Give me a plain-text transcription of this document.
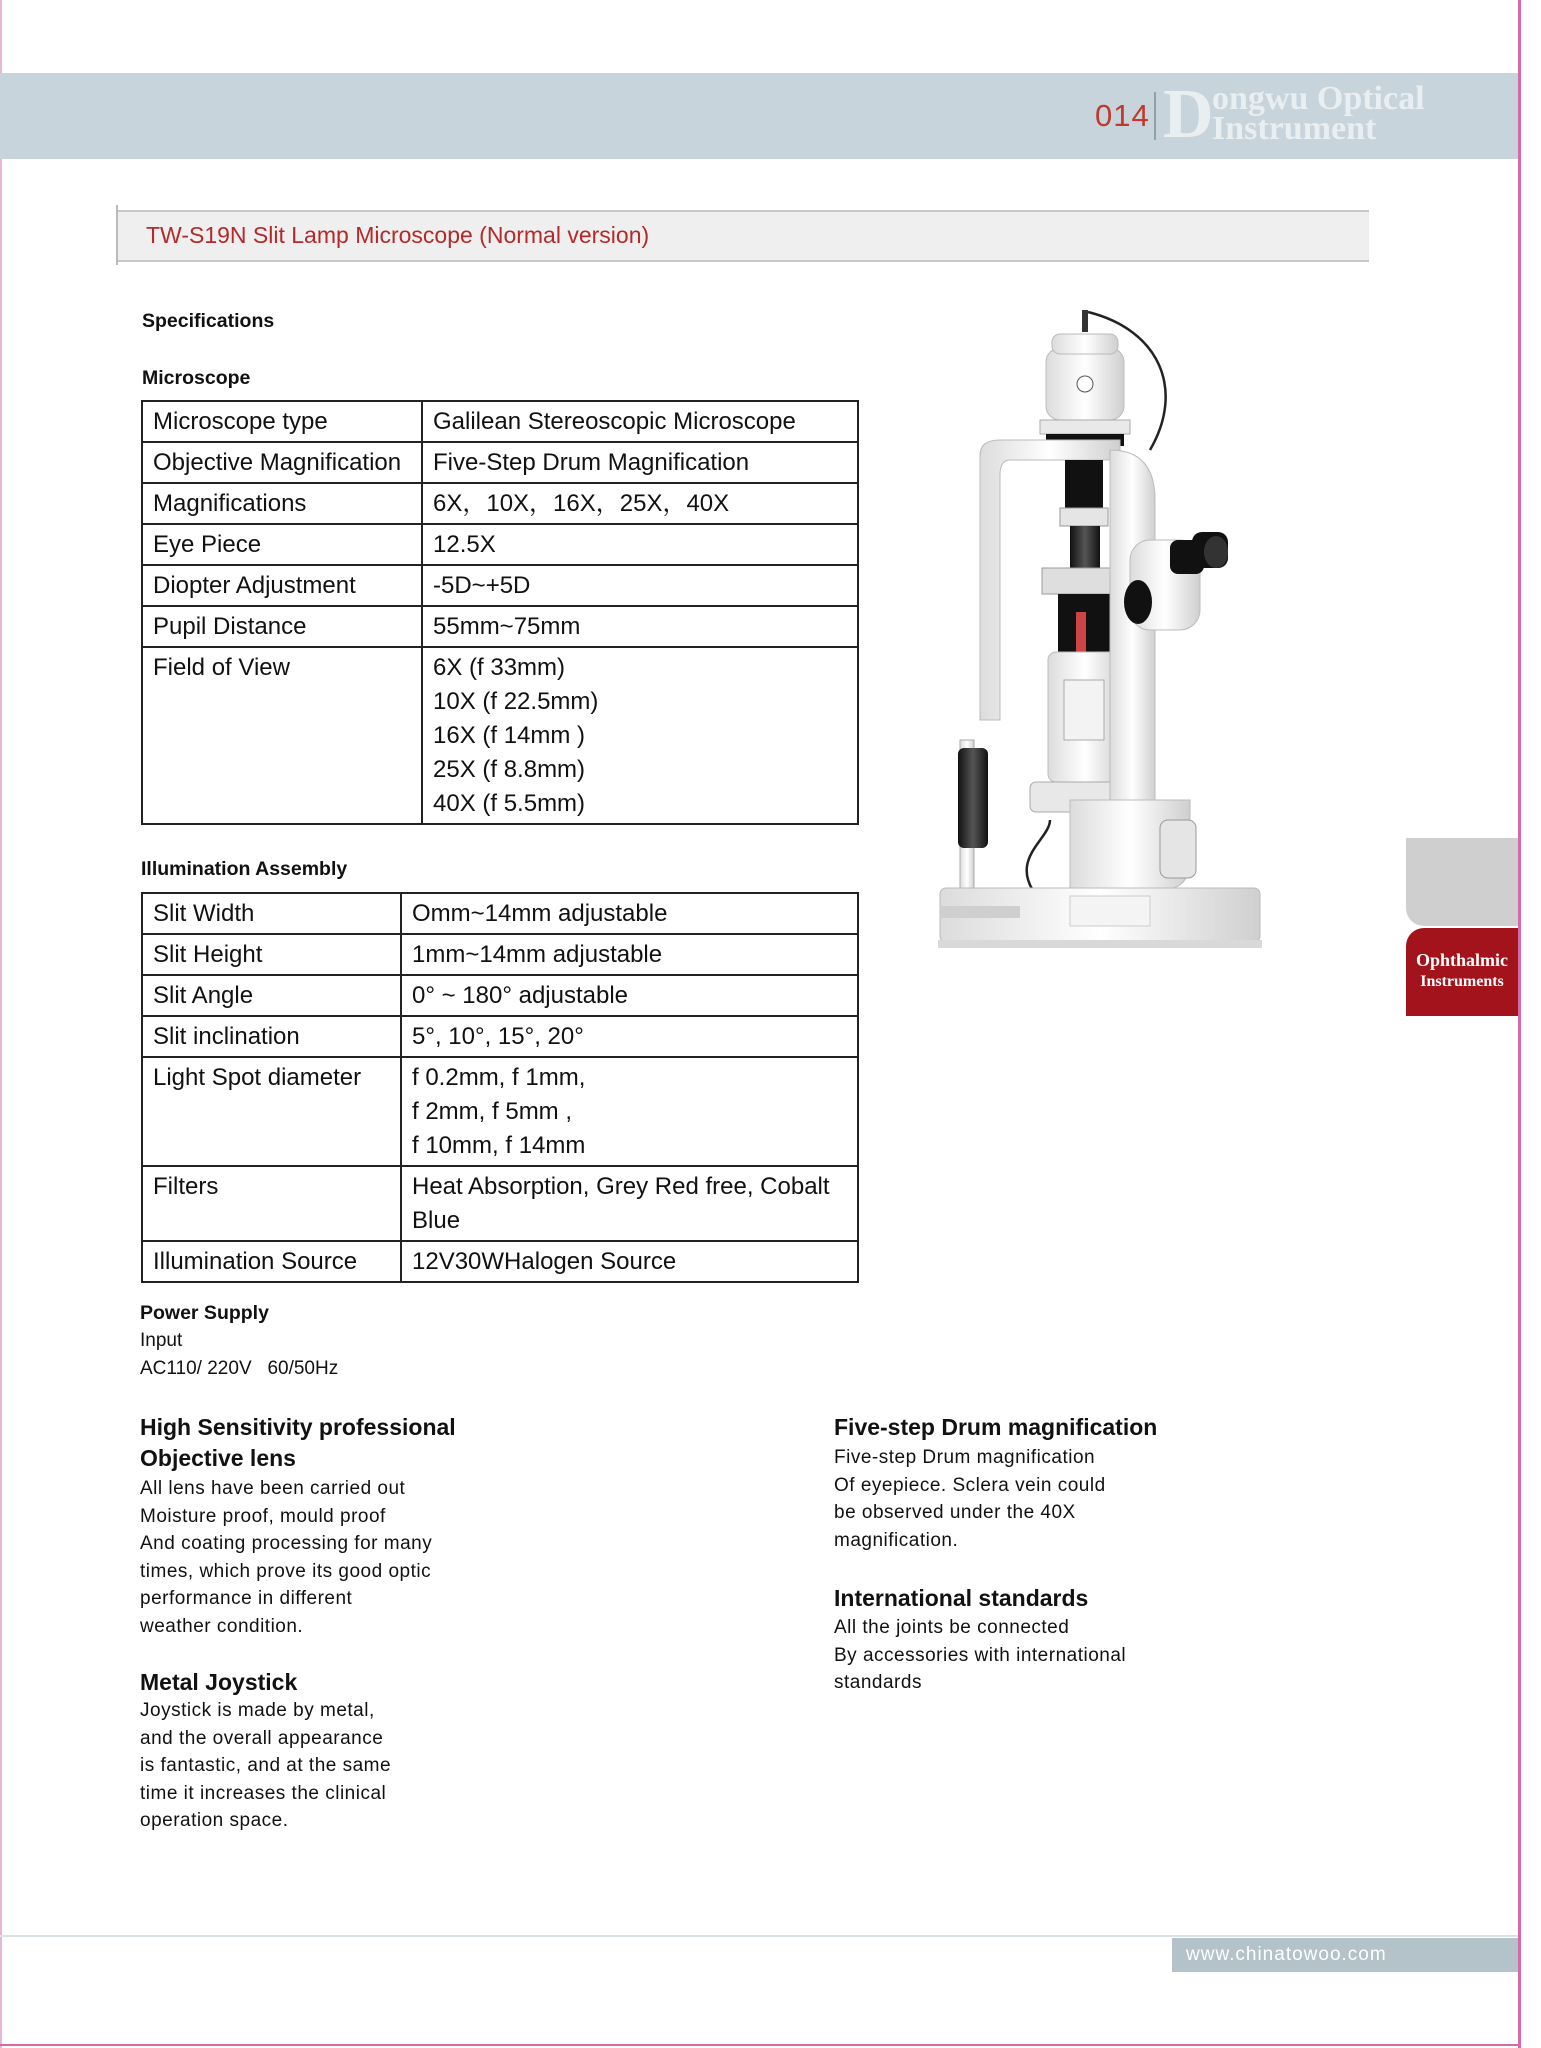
014 D
ongwu Optical
Instrument
TW-S19N Slit Lamp Microscope (Normal version)
Specifications
Microscope
Microscope type	Galilean Stereoscopic Microscope
Objective Magnification	Five-Step Drum Magnification
Magnifications	6X，10X，16X，25X，40X
Eye Piece	12.5X
Diopter Adjustment	-5D~+5D
Pupil Distance	55mm~75mm
Field of View	6X (f 33mm)
10X (f 22.5mm)
16X (f 14mm )
25X (f 8.8mm)
40X (f 5.5mm)
Illumination Assembly
Slit Width	Omm~14mm adjustable
Slit Height	1mm~14mm adjustable
Slit Angle	0° ~ 180° adjustable
Slit inclination	5°, 10°, 15°, 20°
Light Spot diameter	f 0.2mm, f 1mm,
f 2mm, f 5mm ,
f 10mm, f 14mm

Filters	Heat Absorption, Grey Red free, Cobalt
Blue

Illumination Source	12V30WHalogen Source
Power Supply
Input
AC110/ 220V   60/50Hz
High Sensitivity professional
Objective lens
All lens have been carried out
Moisture proof, mould proof
And coating processing for many
times, which prove its good optic
performance in different
weather condition.
Metal Joystick
Joystick is made by metal,
and the overall appearance
is fantastic, and at the same
time it increases the clinical
operation space.
Five-step Drum magnification
Five-step Drum magnification
Of eyepiece. Sclera vein could
be observed under the 40X
magnification.
International standards
All the joints be connected
By accessories with international
standards
Ophthalmic
Instruments
www.chinatowoo.com
